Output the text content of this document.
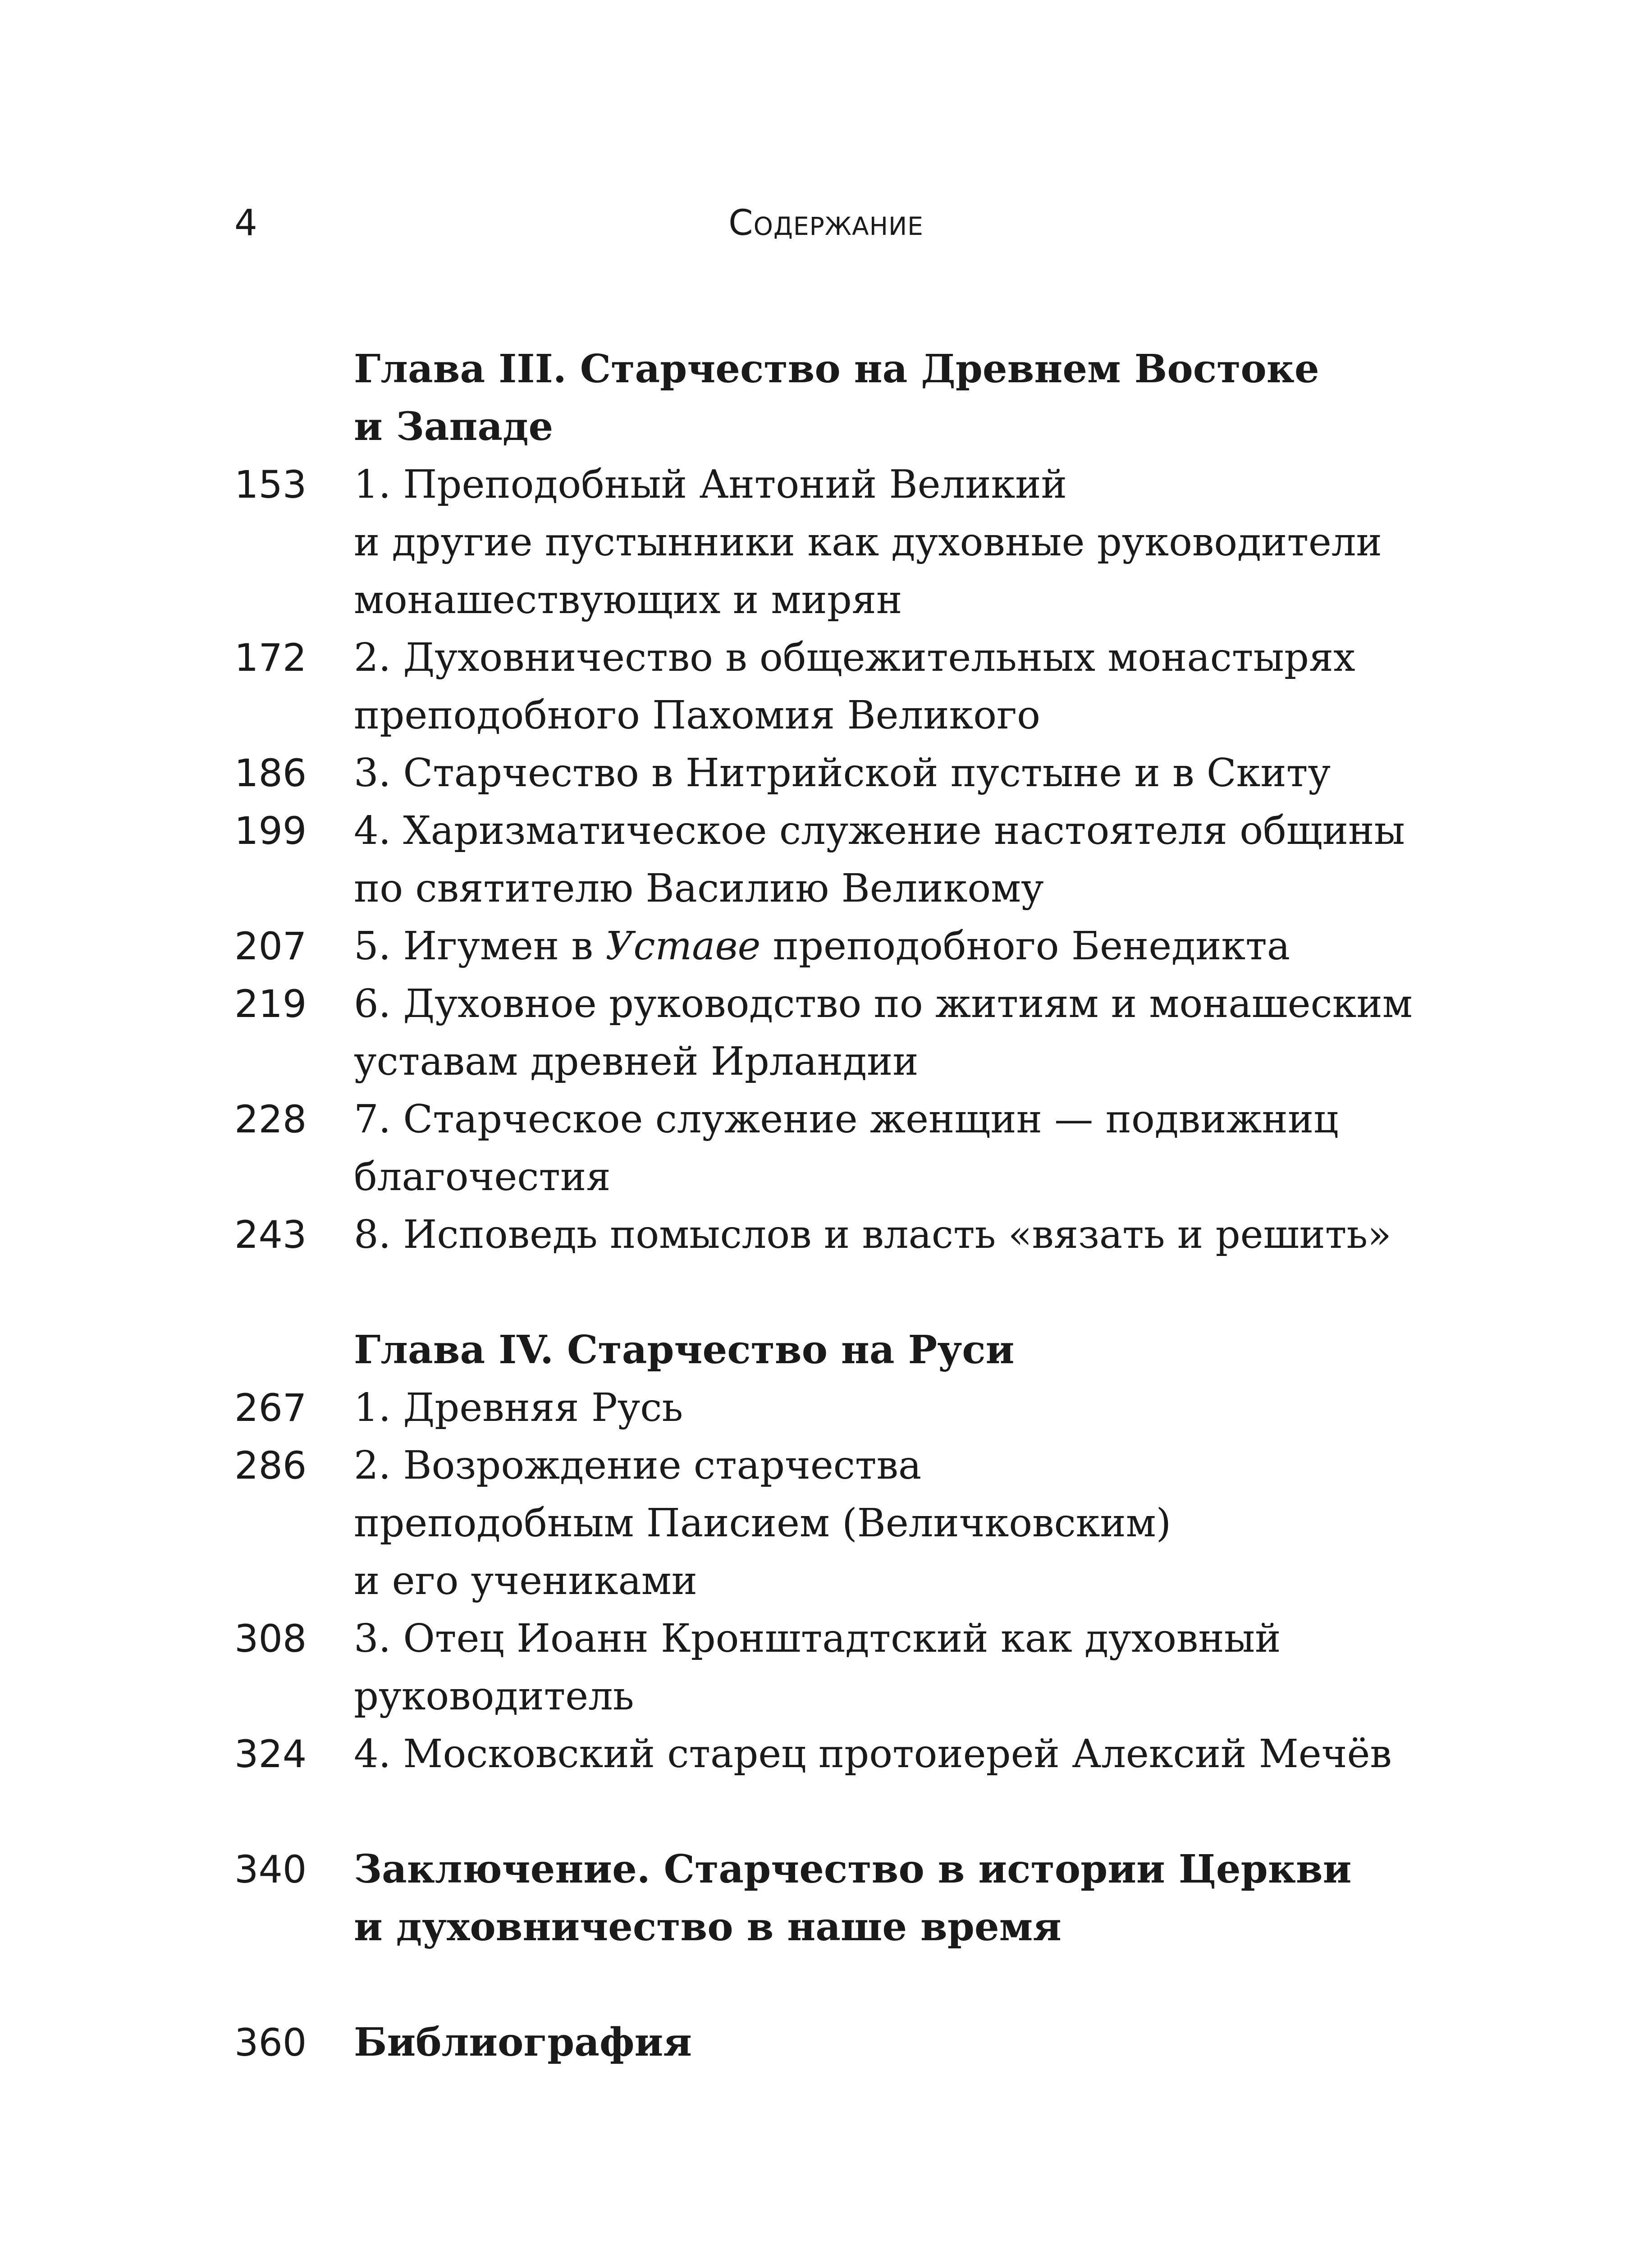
4	Содержание
Глава III. Старчество на Древнем Востоке
и Западе
153	1. Преподобный Антоний Великий
и другие пустынники как духовные руководители
монашествующих и мирян
172	2. Духовничество в общежительных монастырях
преподобного Пахомия Великого
186	3. Старчество в Нитрийской пустыне и в Скиту
199	4. Харизматическое служение настоятеля общины
по святителю Василию Великому
207	5. Игумен в Уставе преподобного Бенедикта
219	6. Духовное руководство по житиям и монашеским
уставам древней Ирландии
228	7. Старческое служение женщин — подвижниц
благочестия
243	8. Исповедь помыслов и власть «вязать и решить»
Глава IV. Старчество на Руси
267	1. Древняя Русь
286	2. Возрождение старчества
преподобным Паисием (Величковским)
и его учениками
308	3. Отец Иоанн Кронштадтский как духовный
руководитель
324	4. Московский старец протоиерей Алексий Мечёв
340	Заключение. Старчество в истории Церкви
и духовничество в наше время
360	Библиография
